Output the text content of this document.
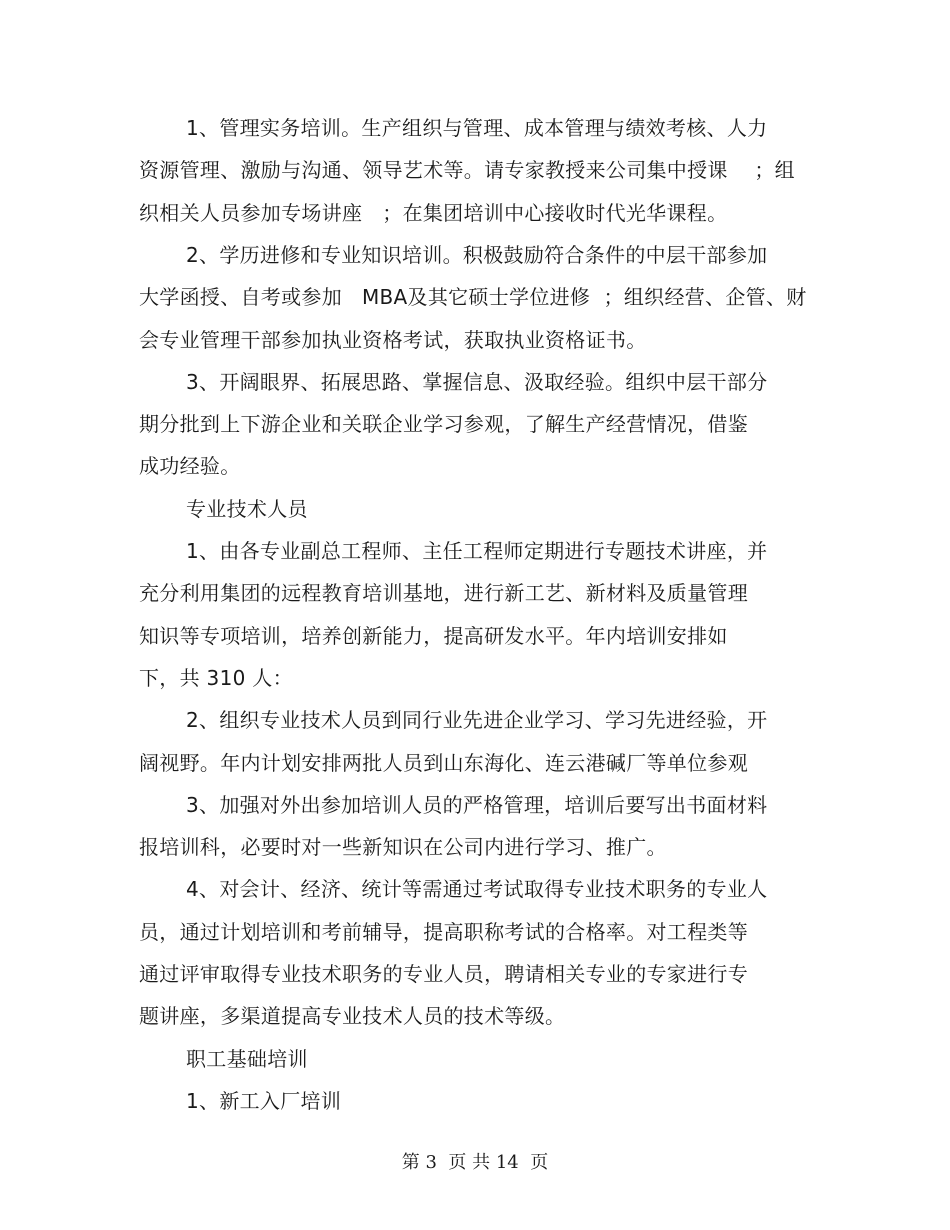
1、管理实务培训。生产组织与管理、成本管理与绩效考核、人力
资源管理、激励与沟通、领导艺术等。请专家教授来公司集中授课    ；组
织相关人员参加专场讲座   ；在集团培训中心接收时代光华课程。
2、学历进修和专业知识培训。积极鼓励符合条件的中层干部参加
大学函授、自考或参加   MBA及其它硕士学位进修  ；组织经营、企管、财
会专业管理干部参加执业资格考试，获取执业资格证书。
3、开阔眼界、拓展思路、掌握信息、汲取经验。组织中层干部分
期分批到上下游企业和关联企业学习参观，了解生产经营情况，借鉴
成功经验。
专业技术人员
1、由各专业副总工程师、主任工程师定期进行专题技术讲座，并
充分利用集团的远程教育培训基地，进行新工艺、新材料及质量管理
知识等专项培训，培养创新能力，提高研发水平。年内培训安排如
下，共 310 人：
2、组织专业技术人员到同行业先进企业学习、学习先进经验，开
阔视野。年内计划安排两批人员到山东海化、连云港碱厂等单位参观
3、加强对外出参加培训人员的严格管理，培训后要写出书面材料
报培训科，必要时对一些新知识在公司内进行学习、推广。
4、对会计、经济、统计等需通过考试取得专业技术职务的专业人
员，通过计划培训和考前辅导，提高职称考试的合格率。对工程类等
通过评审取得专业技术职务的专业人员，聘请相关专业的专家进行专
题讲座，多渠道提高专业技术人员的技术等级。
职工基础培训
1、新工入厂培训
第 3  页 共 14  页
